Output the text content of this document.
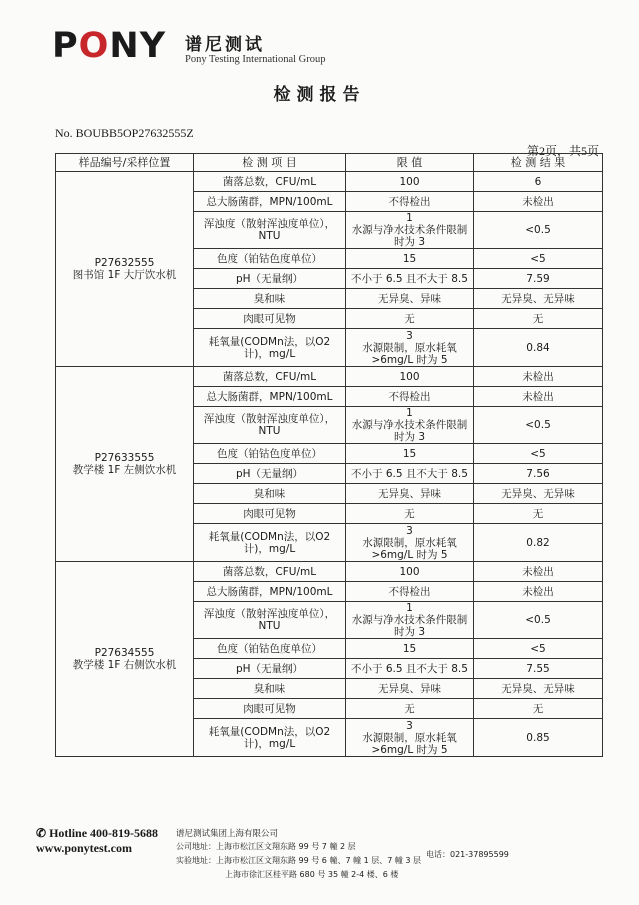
PONY 谱尼测试
Pony Testing International Group
检测报告
No. BOUBB5OP27632555Z
第2页，共5页
样品编号/采样位置	检 测 项 目	限 值	检 测 结 果

P27632555
图书馆 1F 大厅饮水机	菌落总数，CFU/mL	100	6
	总大肠菌群，MPN/100mL	不得检出	未检出
	浑浊度（散射浑浊度单位），NTU	1
水源与净水技术条件限制时为 3	<0.5
	色度（铂钴色度单位）	15	<5
	pH（无量纲）	不小于 6.5 且不大于 8.5	7.59
	臭和味	无异臭、异味	无异臭、无异味
	肉眼可见物	无	无
	耗氧量(CODMn法，以O2计)，mg/L	3
水源限制，原水耗氧>6mg/L 时为 5	0.84

P27633555
教学楼 1F 左侧饮水机	菌落总数，CFU/mL	100	未检出
	总大肠菌群，MPN/100mL	不得检出	未检出
	浑浊度（散射浑浊度单位），NTU	1
水源与净水技术条件限制时为 3	<0.5
	色度（铂钴色度单位）	15	<5
	pH（无量纲）	不小于 6.5 且不大于 8.5	7.56
	臭和味	无异臭、异味	无异臭、无异味
	肉眼可见物	无	无
	耗氧量(CODMn法，以O2计)，mg/L	3
水源限制，原水耗氧>6mg/L 时为 5	0.82

P27634555
教学楼 1F 右侧饮水机	菌落总数，CFU/mL	100	未检出
	总大肠菌群，MPN/100mL	不得检出	未检出
	浑浊度（散射浑浊度单位），NTU	1
水源与净水技术条件限制时为 3	<0.5
	色度（铂钴色度单位）	15	<5
	pH（无量纲）	不小于 6.5 且不大于 8.5	7.55
	臭和味	无异臭、异味	无异臭、无异味
	肉眼可见物	无	无
	耗氧量(CODMn法，以O2计)，mg/L	3
水源限制，原水耗氧>6mg/L 时为 5	0.85
✆ Hotline 400-819-5688
www.ponytest.com
谱尼测试集团上海有限公司
公司地址：上海市松江区文翔东路 99 号 7 幢 2 层
实验地址：上海市松江区文翔东路 99 号 6 幢、7 幢 1 层、7 幢 3 层
上海市徐汇区桂平路 680 号 35 幢 2-4 楼、6 楼
电话：021-37895599
